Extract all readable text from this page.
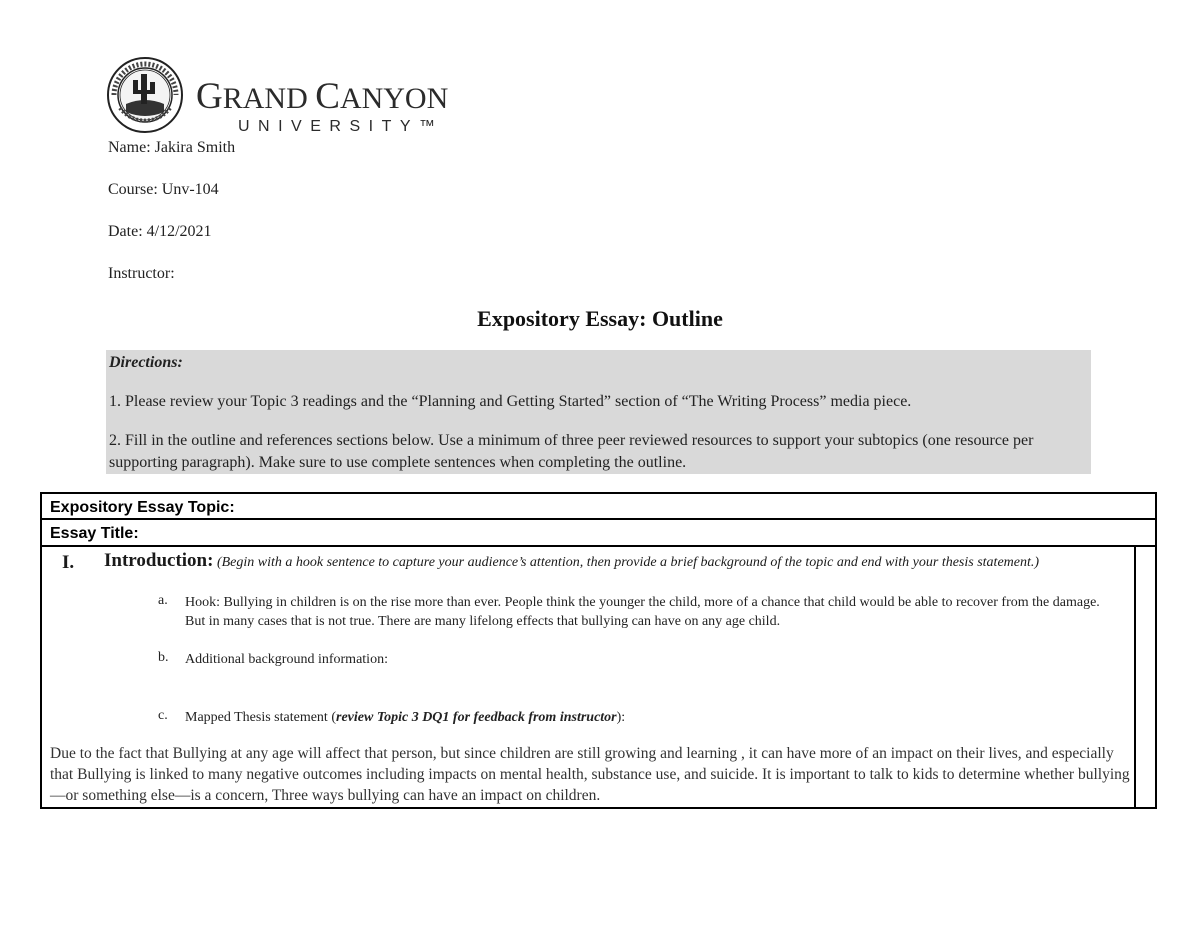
GRAND CANYON
UNIVERSITY™
Name: Jakira Smith
Course: Unv-104
Date: 4/12/2021
Instructor:
Expository Essay: Outline
Directions:
1. Please review your Topic 3 readings and the “Planning and Getting Started” section of “The Writing Process” media piece.
2. Fill in the outline and references sections below. Use a minimum of three peer reviewed resources to support your subtopics (one resource per supporting paragraph). Make sure to use complete sentences when completing the outline.
Expository Essay Topic:
Essay Title:
I. Introduction: (Begin with a hook sentence to capture your audience’s attention, then provide a brief background of the topic and end with your thesis statement.)
a. Hook: Bullying in children is on the rise more than ever. People think the younger the child, more of a chance that child would be able to recover from the damage. But in many cases that is not true. There are many lifelong effects that bullying can have on any age child.
b. Additional background information:
c. Mapped Thesis statement (review Topic 3 DQ1 for feedback from instructor):
Due to the fact that Bullying at any age will affect that person, but since children are still growing and learning , it can have more of an impact on their lives, and especially that Bullying is linked to many negative outcomes including impacts on mental health, substance use, and suicide. It is important to talk to kids to determine whether bullying—or something else—is a concern, Three ways bullying can have an impact on children.
